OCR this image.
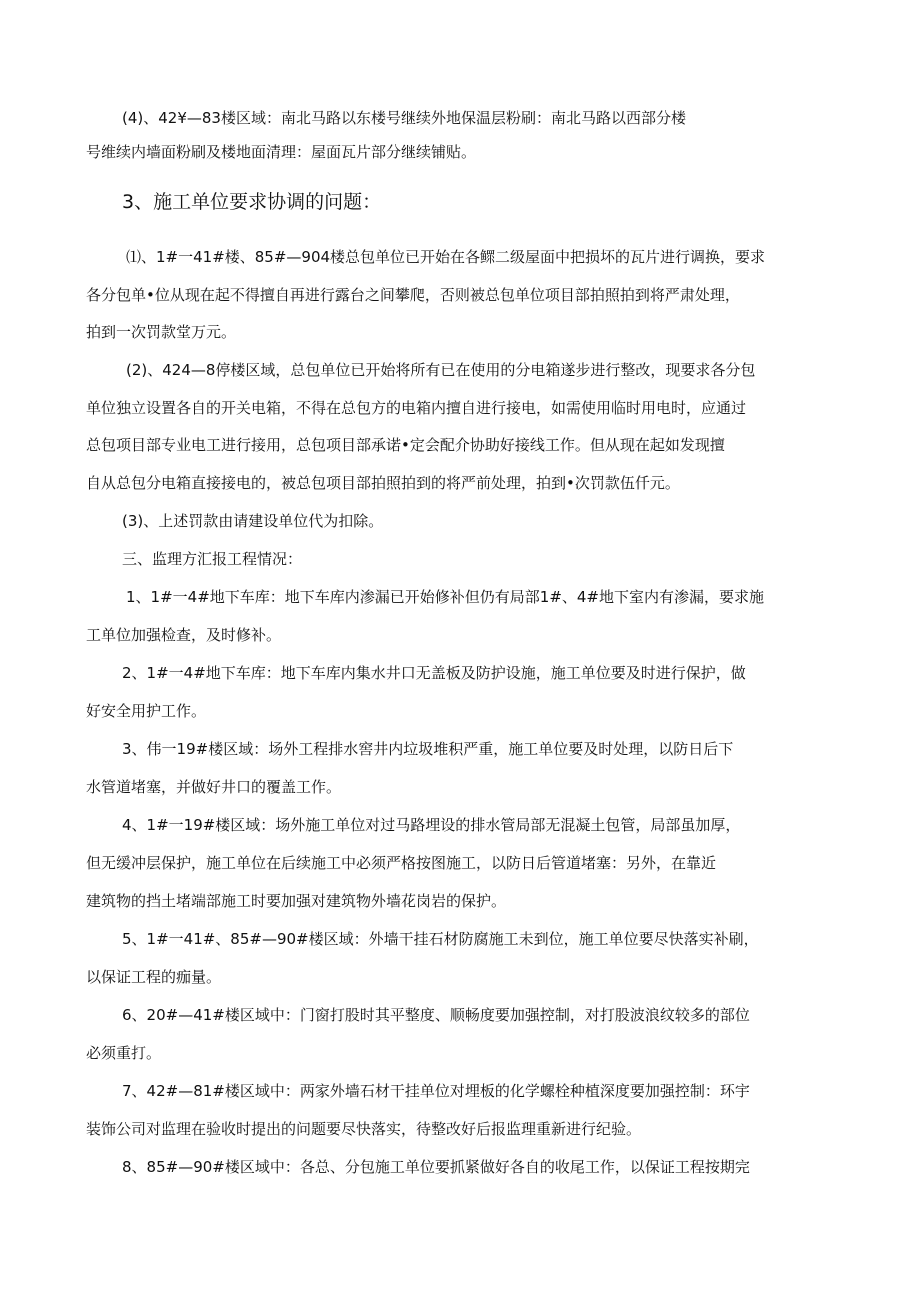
(4)、42¥—83楼区域：南北马路以东楼号继续外地保温层粉刷：南北马路以西部分楼
号维续内墙面粉刷及楼地面清理：屋面瓦片部分继续铺贴。
3、施工单位要求协调的问题：
⑴、1#一41#楼、85#—904楼总包单位已开始在各鳏二级屋面中把损坏的瓦片进行调换，要求
各分包单•位从现在起不得擅自再进行露台之间攀爬，否则被总包单位项目部拍照拍到将严肃处理，
拍到一次罚款堂万元。
(2)、424—8停楼区域，总包单位已开始将所有已在使用的分电箱遂步进行整改，现要求各分包
单位独立设置各自的开关电箱，不得在总包方的电箱内擅自进行接电，如需使用临时用电时，应通过
总包项目部专业电工进行接用，总包项目部承诺•定会配介协助好接线工作。但从现在起如发现擅
自从总包分电箱直接接电的，被总包项目部拍照拍到的将严前处理，拍到•次罚款伍仟元。
(3)、上述罚款由请建设单位代为扣除。
三、监理方汇报工程情况：
1、1#一4#地下车库：地下车库内渗漏已开始修补但仍有局部1#、4#地下室内有渗漏，要求施
工单位加强检查，及时修补。
2、1#一4#地下车库：地下车库内集水井口无盖板及防护设施，施工单位要及时进行保护，做
好安全用护工作。
3、伟一19#楼区域：场外工程排水窖井内垃圾堆积严重，施工单位要及时处理，以防日后下
水管道堵塞，并做好井口的覆盖工作。
4、1#一19#楼区域：场外施工单位对过马路埋设的排水管局部无混凝土包管，局部虽加厚，
但无缓冲层保护，施工单位在后续施工中必须严格按图施工，以防日后管道堵塞：另外，在靠近
建筑物的挡土堵端部施工时要加强对建筑物外墙花岗岩的保护。
5、1#一41#、85#—90#楼区域：外墙干挂石材防腐施工未到位，施工单位要尽快落实补刷，
以保证工程的痂量。
6、20#—41#楼区域中：门窗打股时其平整度、顺畅度要加强控制，对打股波浪纹较多的部位
必须重打。
7、42#—81#楼区域中：两家外墙石材干挂单位对埋板的化学螺栓种植深度要加强控制：环宇
装饰公司对监理在验收时提出的问题要尽快落实，待整改好后报监理重新进行纪验。
8、85#—90#楼区域中：各总、分包施工单位要抓紧做好各自的收尾工作，以保证工程按期完
